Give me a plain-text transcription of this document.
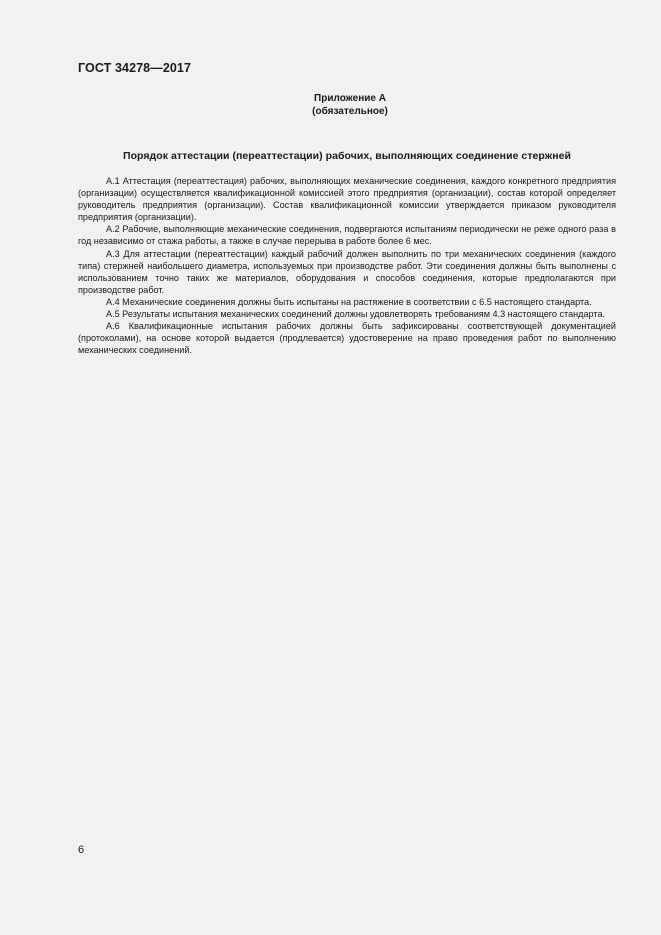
ГОСТ 34278—2017
Приложение А
(обязательное)
Порядок аттестации (переаттестации) рабочих, выполняющих соединение стержней

А.1 Аттестация (переаттестация) рабочих, выполняющих механические соединения, каждого конкретного предприятия (организации) осуществляется квалификационной комиссией этого предприятия (организации), состав которой определяет руководитель предприятия (организации). Состав квалификационной комиссии утверждается приказом руководителя предприятия (организации).

А.2 Рабочие, выполняющие механические соединения, подвергаются испытаниям периодически не реже одного раза в год независимо от стажа работы, а также в случае перерыва в работе более 6 мес.

А.3 Для аттестации (переаттестации) каждый рабочий должен выполнить по три механических соединения (каждого типа) стержней наибольшего диаметра, используемых при производстве работ. Эти соединения должны быть выполнены с использованием точно таких же материалов, оборудования и способов соединения, которые предполагаются при производстве работ.

А.4 Механические соединения должны быть испытаны на растяжение в соответствии с 6.5 настоящего стандарта.

А.5 Результаты испытания механических соединений должны удовлетворять требованиям 4.3 настоящего стандарта.

А.6 Квалификационные испытания рабочих должны быть зафиксированы соответствующей документацией (протоколами), на основе которой выдается (продлевается) удостоверение на право проведения работ по выполнению механических соединений.

6
